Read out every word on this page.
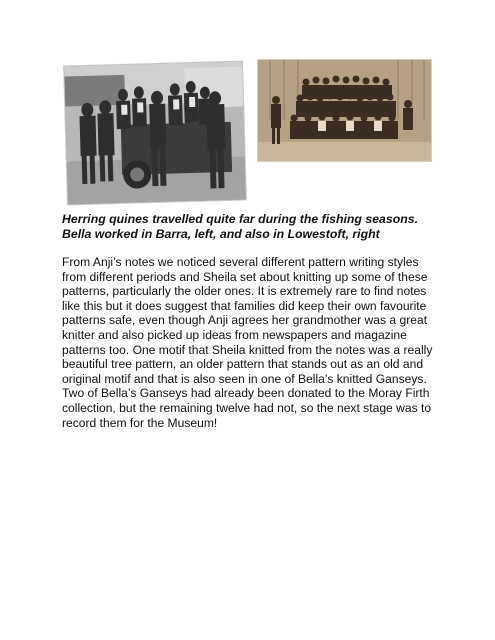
Herring quines travelled quite far during the fishing seasons.
Bella worked in Barra, left, and also in Lowestoft, right

From Anji’s notes we noticed several different pattern writing styles from different periods and Sheila set about knitting up some of these patterns, particularly the older ones. It is extremely rare to find notes like this but it does suggest that families did keep their own favourite patterns safe, even though Anji agrees her grandmother was a great knitter and also picked up ideas from newspapers and magazine patterns too. One motif that Sheila knitted from the notes was a really beautiful tree pattern, an older pattern that stands out as an old and original motif and that is also seen in one of Bella’s knitted Ganseys.

Two of Bella’s Ganseys had already been donated to the Moray Firth collection, but the remaining twelve had not, so the next stage was to record them for the Museum!
